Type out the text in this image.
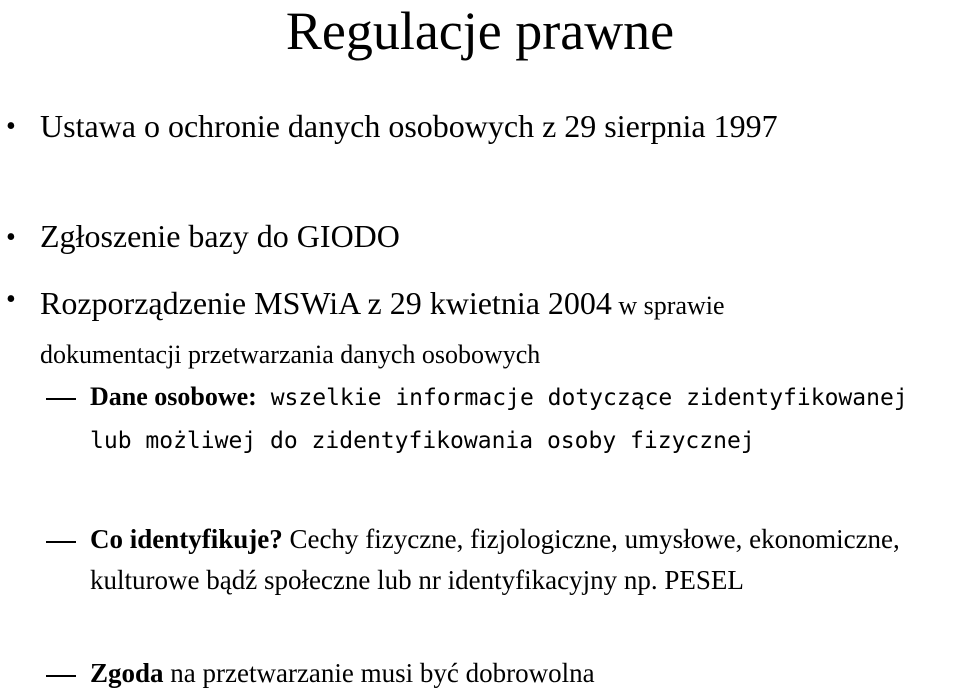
Regulacje prawne
• Ustawa o ochronie danych osobowych z 29 sierpnia 1997

• Zgłoszenie bazy do GIODO

• Rozporządzenie MSWiA z 29 kwietnia 2004 w sprawie
dokumentacji przetwarzania danych osobowych

Dane osobowe: wszelkie informacje dotyczące zidentyfikowanej lub możliwej do zidentyfikowania osoby fizycznej

Co identyfikuje? Cechy fizyczne, fizjologiczne, umysłowe, ekonomiczne, kulturowe bądź społeczne lub nr identyfikacyjny np. PESEL

Zgoda na przetwarzanie musi być dobrowolna
